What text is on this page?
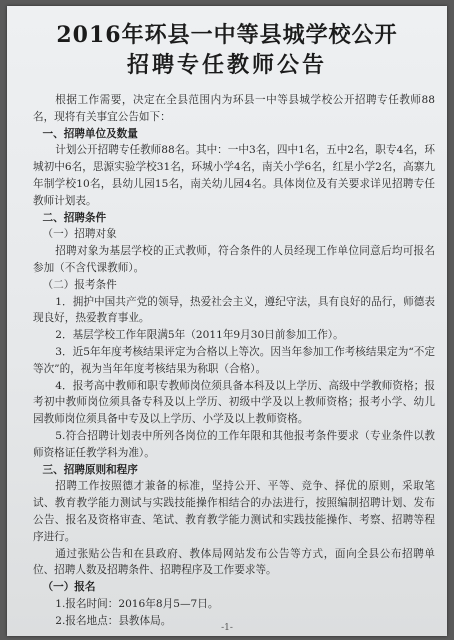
2016年环县一中等县城学校公开
招聘专任教师公告

根据工作需要，决定在全县范围内为环县一中等县城学校公开招聘专任教师88名，现将有关事宜公告如下：

一、招聘单位及数量

计划公开招聘专任教师88名。其中：一中3名，四中1名，五中2名，职专4名，环城初中6名，思源实验学校31名，环城小学4名，南关小学6名，红星小学2名，高寨九年制学校10名，县幼儿园15名，南关幼儿园4名。具体岗位及有关要求详见招聘专任教师计划表。

二、招聘条件

（一）招聘对象

招聘对象为基层学校的正式教师，符合条件的人员经现工作单位同意后均可报名参加（不含代课教师）。

（二）报考条件

1．拥护中国共产党的领导，热爱社会主义，遵纪守法，具有良好的品行，师德表现良好，热爱教育事业。

2．基层学校工作年限满5年（2011年9月30日前参加工作）。

3．近5年年度考核结果评定为合格以上等次。因当年参加工作考核结果定为“不定等次”的，视为当年年度考核结果为称职（合格）。

4．报考高中教师和职专教师岗位须具备本科及以上学历、高级中学教师资格；报考初中教师岗位须具备专科及以上学历、初级中学及以上教师资格；报考小学、幼儿园教师岗位须具备中专及以上学历、小学及以上教师资格。

5.符合招聘计划表中所列各岗位的工作年限和其他报考条件要求（专业条件以教师资格证任教学科为准）。

三、招聘原则和程序

招聘工作按照德才兼备的标准，坚持公开、平等、竞争、择优的原则，采取笔试、教育教学能力测试与实践技能操作相结合的办法进行，按照编制招聘计划、发布公告、报名及资格审查、笔试、教育教学能力测试和实践技能操作、考察、招聘等程序进行。

通过张贴公告和在县政府、教体局网站发布公告等方式，面向全县公布招聘单位、招聘人数及招聘条件、招聘程序及工作要求等。

（一）报名

1.报名时间：2016年8月5—7日。

2.报名地点：县教体局。

-1-
